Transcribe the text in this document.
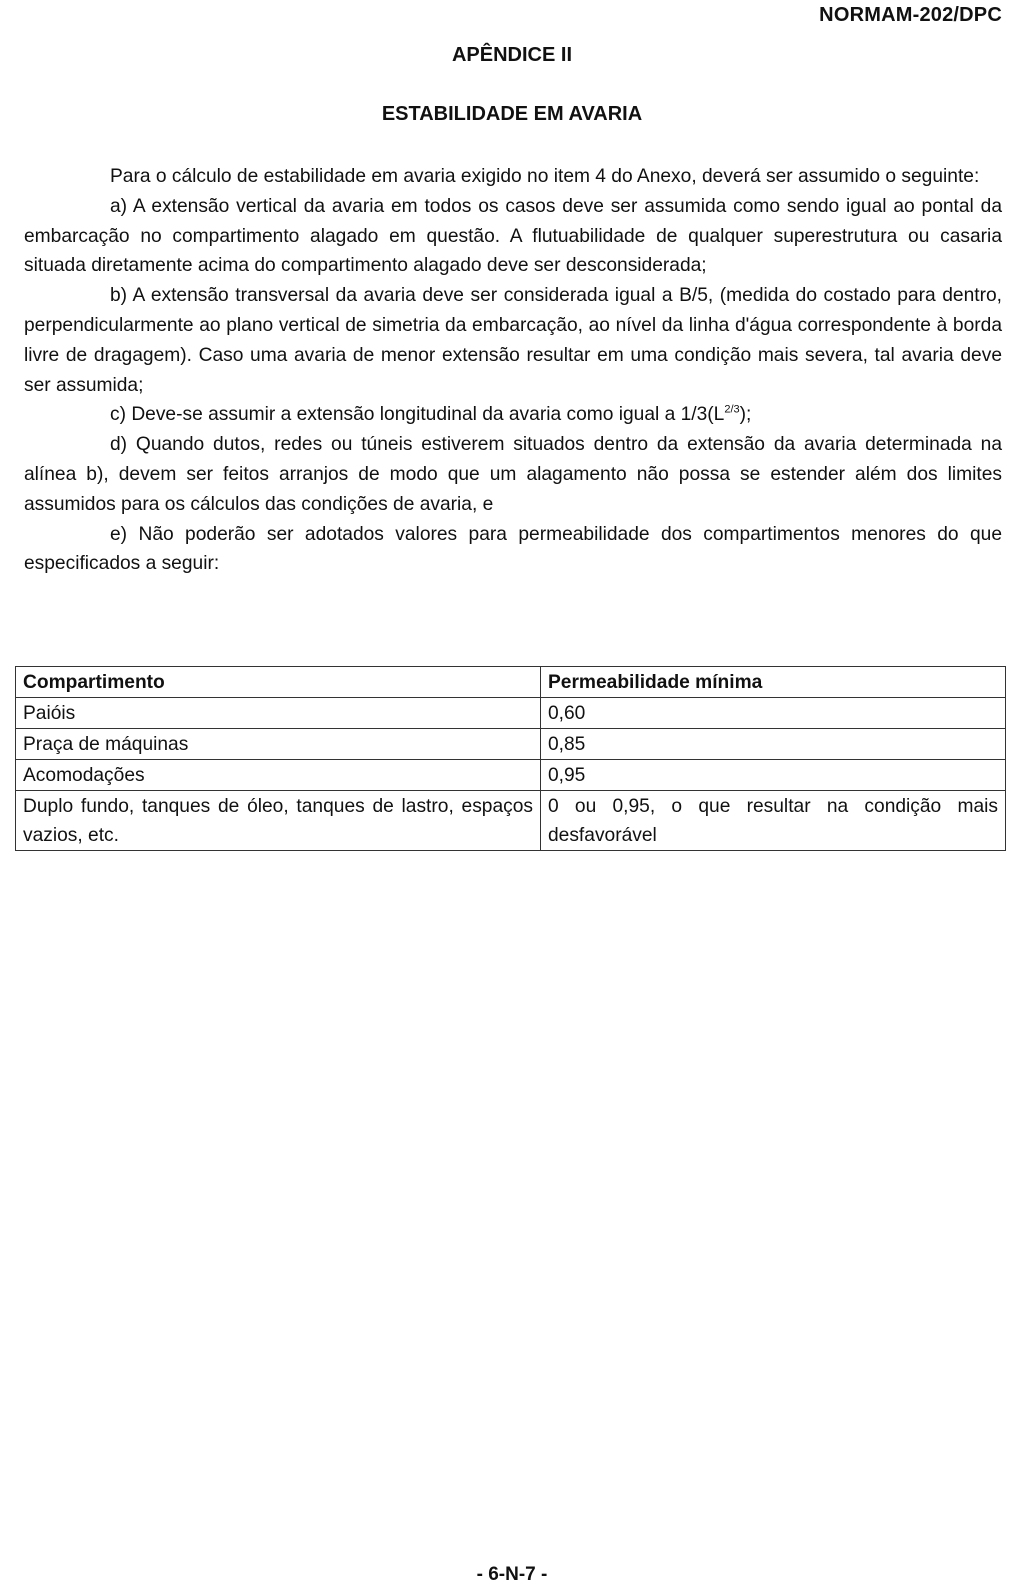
NORMAM-202/DPC
APÊNDICE II
ESTABILIDADE EM AVARIA

Para o cálculo de estabilidade em avaria exigido no item 4 do Anexo, deverá ser assumido o seguinte:

a) A extensão vertical da avaria em todos os casos deve ser assumida como sendo igual ao pontal da embarcação no compartimento alagado em questão. A flutuabilidade de qualquer superestrutura ou casaria situada diretamente acima do compartimento alagado deve ser desconsiderada;

b) A extensão transversal da avaria deve ser considerada igual a B/5, (medida do costado para dentro, perpendicularmente ao plano vertical de simetria da embarcação, ao nível da linha d'água correspondente à borda livre de dragagem). Caso uma avaria de menor extensão resultar em uma condição mais severa, tal avaria deve ser assumida;

c) Deve-se assumir a extensão longitudinal da avaria como igual a $1/3(L^{2/3})$;

d) Quando dutos, redes ou túneis estiverem situados dentro da extensão da avaria determinada na alínea b), devem ser feitos arranjos de modo que um alagamento não possa se estender além dos limites assumidos para os cálculos das condições de avaria, e

e) Não poderão ser adotados valores para permeabilidade dos compartimentos menores do que especificados a seguir:

Compartimento	Permeabilidade mínima
Paióis	0,60
Praça de máquinas	0,85
Acomodações	0,95
Duplo fundo, tanques de óleo, tanques de lastro, espaços vazios, etc.	0 ou 0,95, o que resultar na condição mais desfavorável
- 6-N-7 -
